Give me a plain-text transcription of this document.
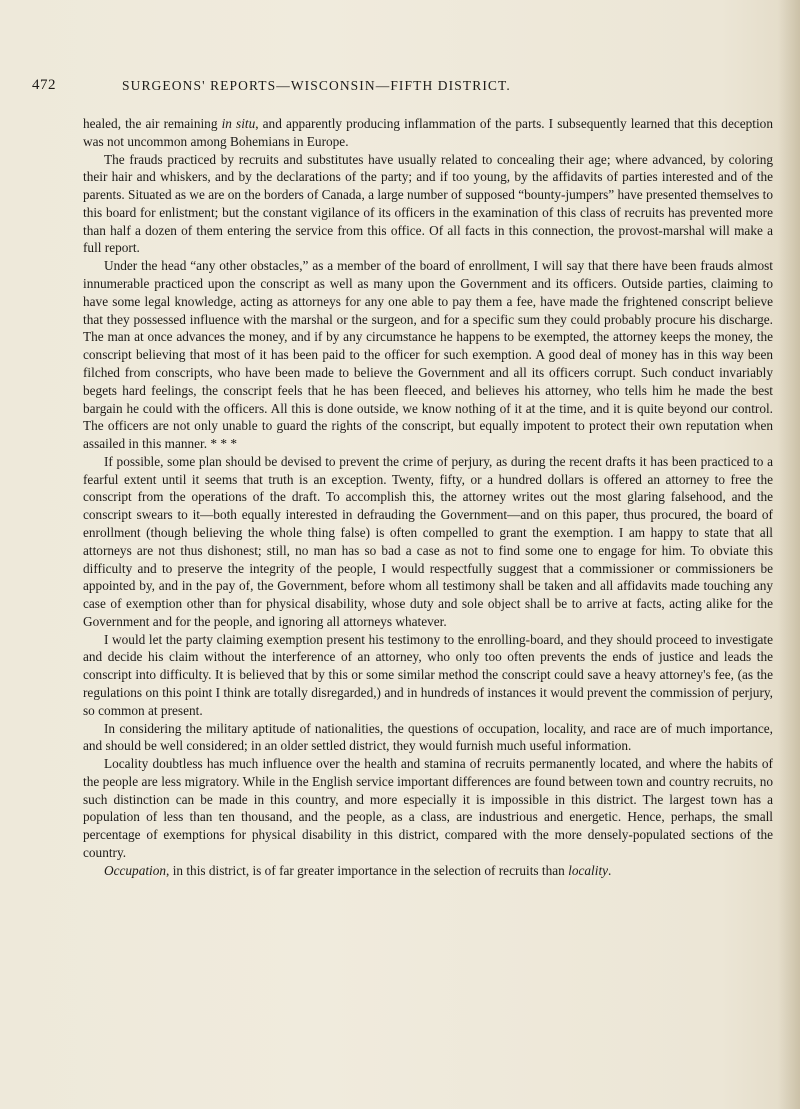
472	SURGEONS' REPORTS—WISCONSIN—FIFTH DISTRICT.

healed, the air remaining in situ, and apparently producing inflammation of the parts. I subsequently learned that this deception was not uncommon among Bohemians in Europe.

The frauds practiced by recruits and substitutes have usually related to concealing their age; where advanced, by coloring their hair and whiskers, and by the declarations of the party; and if too young, by the affidavits of parties interested and of the parents. Situated as we are on the borders of Canada, a large number of supposed “bounty-jumpers” have presented themselves to this board for enlistment; but the constant vigilance of its officers in the examination of this class of recruits has prevented more than half a dozen of them entering the service from this office. Of all facts in this connection, the provost-marshal will make a full report.

Under the head “any other obstacles,” as a member of the board of enrollment, I will say that there have been frauds almost innumerable practiced upon the conscript as well as many upon the Government and its officers. Outside parties, claiming to have some legal knowledge, acting as attorneys for any one able to pay them a fee, have made the frightened conscript believe that they possessed influence with the marshal or the surgeon, and for a specific sum they could probably procure his discharge. The man at once advances the money, and if by any circumstance he happens to be exempted, the attorney keeps the money, the conscript believing that most of it has been paid to the officer for such exemption. A good deal of money has in this way been filched from conscripts, who have been made to believe the Government and all its officers corrupt. Such conduct invariably begets hard feelings, the conscript feels that he has been fleeced, and believes his attorney, who tells him he made the best bargain he could with the officers. All this is done outside, we know nothing of it at the time, and it is quite beyond our control. The officers are not only unable to guard the rights of the conscript, but equally impotent to protect their own reputation when assailed in this manner. * * *

If possible, some plan should be devised to prevent the crime of perjury, as during the recent drafts it has been practiced to a fearful extent until it seems that truth is an exception. Twenty, fifty, or a hundred dollars is offered an attorney to free the conscript from the operations of the draft. To accomplish this, the attorney writes out the most glaring falsehood, and the conscript swears to it—both equally interested in defrauding the Government—and on this paper, thus procured, the board of enrollment (though believing the whole thing false) is often compelled to grant the exemption. I am happy to state that all attorneys are not thus dishonest; still, no man has so bad a case as not to find some one to engage for him. To obviate this difficulty and to preserve the integrity of the people, I would respectfully suggest that a commissioner or commissioners be appointed by, and in the pay of, the Government, before whom all testimony shall be taken and all affidavits made touching any case of exemption other than for physical disability, whose duty and sole object shall be to arrive at facts, acting alike for the Government and for the people, and ignoring all attorneys whatever.

I would let the party claiming exemption present his testimony to the enrolling-board, and they should proceed to investigate and decide his claim without the interference of an attorney, who only too often prevents the ends of justice and leads the conscript into difficulty. It is believed that by this or some similar method the conscript could save a heavy attorney's fee, (as the regulations on this point I think are totally disregarded,) and in hundreds of instances it would prevent the commission of perjury, so common at present.

In considering the military aptitude of nationalities, the questions of occupation, locality, and race are of much importance, and should be well considered; in an older settled district, they would furnish much useful information.

Locality doubtless has much influence over the health and stamina of recruits permanently located, and where the habits of the people are less migratory. While in the English service important differences are found between town and country recruits, no such distinction can be made in this country, and more especially it is impossible in this district. The largest town has a population of less than ten thousand, and the people, as a class, are industrious and energetic. Hence, perhaps, the small percentage of exemptions for physical disability in this district, compared with the more densely-populated sections of the country.

Occupation, in this district, is of far greater importance in the selection of recruits than locality.
